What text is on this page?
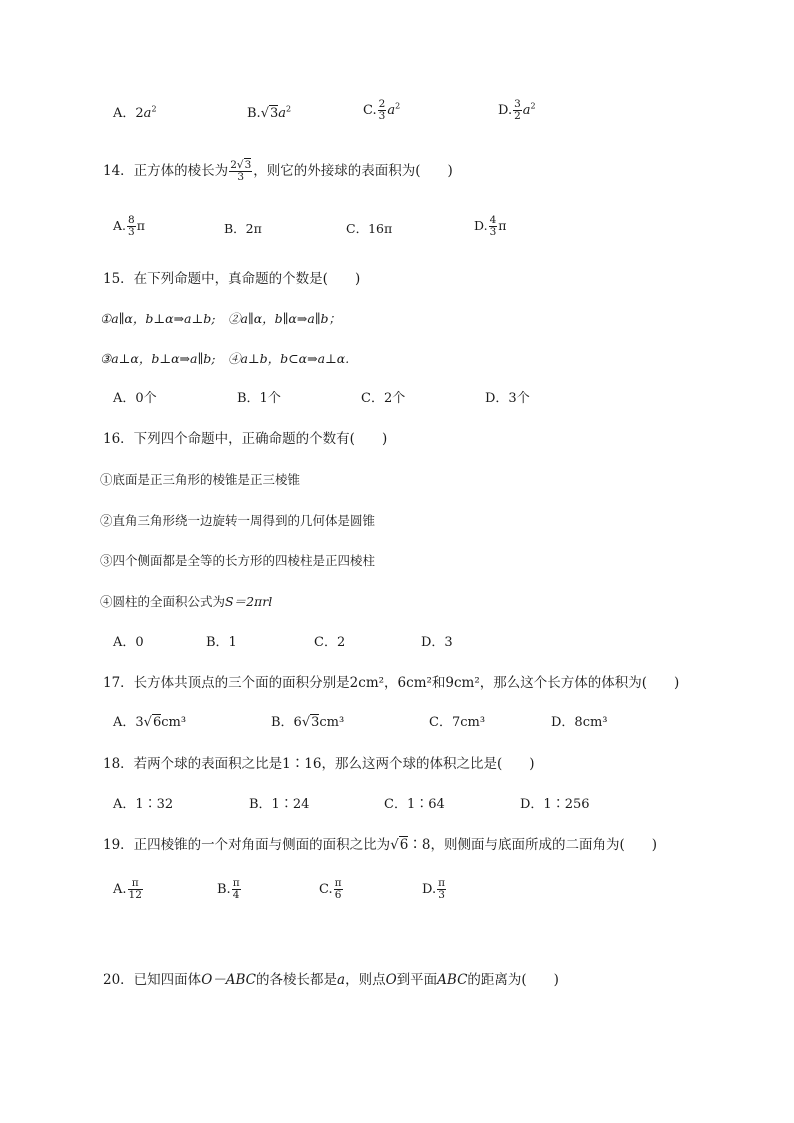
A．$2a^2$	$B.√3a^2$	C. $\frac{2}{3} a^2$	D. $\frac{3}{2} a^2$
14．正方体的棱长为 $\frac{2√3}{3}$ ，则它的外接球的表面积为(　　)
A. $\frac{8}{3}$ π	B．2π	C．16π	D. $\frac{4}{3}$ π
15．在下列命题中，真命题的个数是(　　)
①a∥α，b⊥α⇒a⊥b;　②a∥α，b∥α⇒a∥b；
③a⊥α，b⊥α⇒a∥b;　④a⊥b，b⊂α⇒a⊥α.
A．0个	B．1个	C．2个	D．3个
16．下列四个命题中，正确命题的个数有(　　)
①底面是正三角形的棱锥是正三棱锥
②直角三角形绕一边旋转一周得到的几何体是圆锥
③四个侧面都是全等的长方形的四棱柱是正四棱柱
④圆柱的全面积公式为S＝2πrl
A．0	B．1	C．2	D．3
17．长方体共顶点的三个面的面积分别是2cm²，6cm²和9cm²，那么这个长方体的体积为(　　)
A．3√6cm³	B．6√3cm³	C．7cm³	D．8cm³
18．若两个球的表面积之比是1∶16，那么这两个球的体积之比是(　　)
A．1∶32	B．1∶24	C．1∶64	D．1∶256
19．正四棱锥的一个对角面与侧面的面积之比为√6∶8，则侧面与底面所成的二面角为(　　)
A. $\frac{\pi}{12}$	B. $\frac{\pi}{4}$	C. $\frac{\pi}{6}$	D. $\frac{\pi}{3}$
20．已知四面体O－ABC的各棱长都是a，则点O到平面ABC的距离为(　　)
